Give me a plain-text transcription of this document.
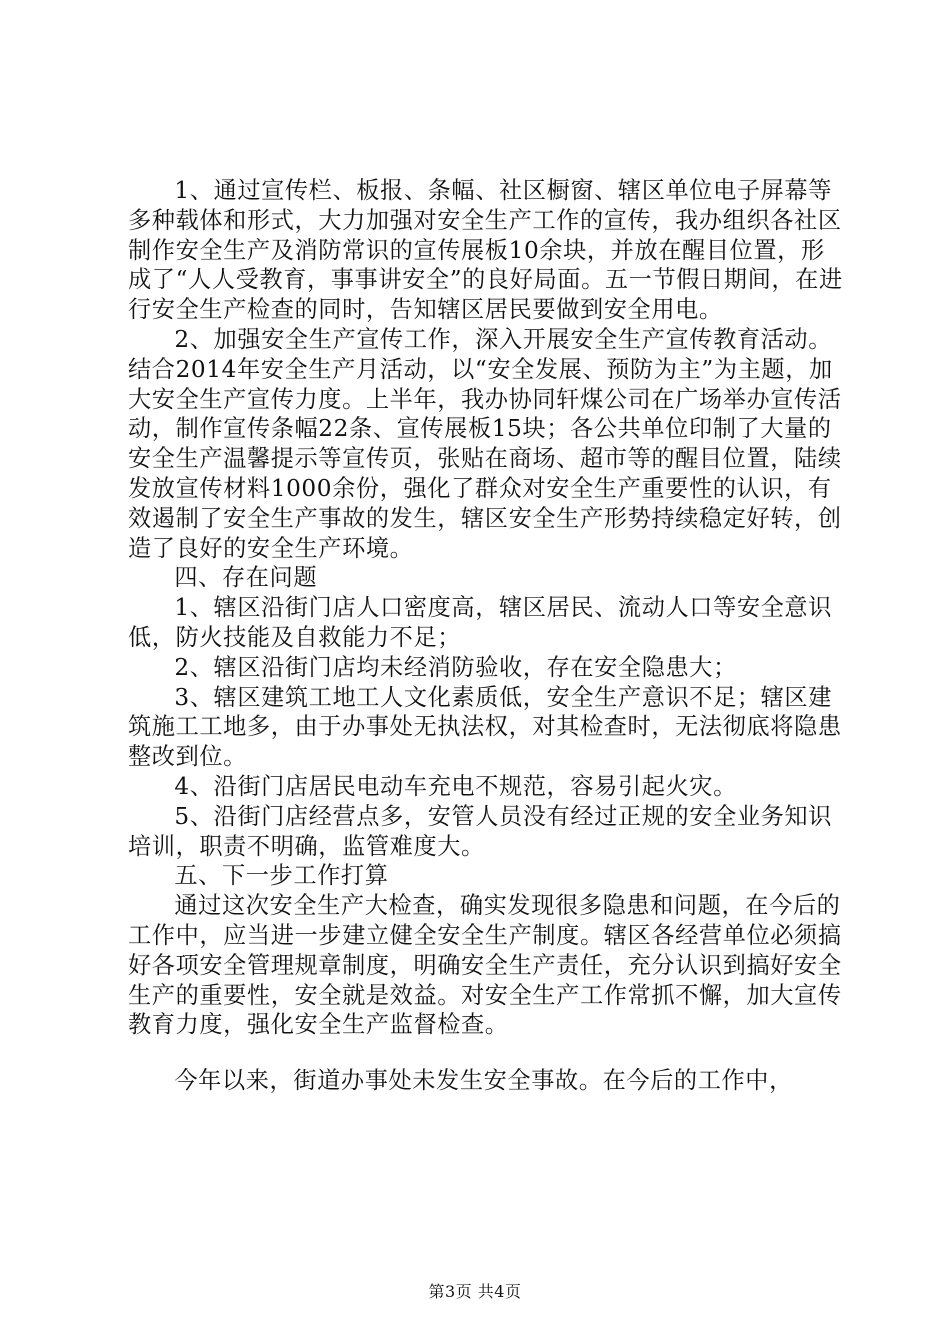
1、通过宣传栏、板报、条幅、社区橱窗、辖区单位电子屏幕等多种载体和形式，大力加强对安全生产工作的宣传，我办组织各社区制作安全生产及消防常识的宣传展板10余块，并放在醒目位置，形成了“人人受教育，事事讲安全”的良好局面。五一节假日期间，在进行安全生产检查的同时，告知辖区居民要做到安全用电。

2、加强安全生产宣传工作，深入开展安全生产宣传教育活动。结合2014年安全生产月活动，以“安全发展、预防为主”为主题，加大安全生产宣传力度。上半年，我办协同轩煤公司在广场举办宣传活动，制作宣传条幅22条、宣传展板15块；各公共单位印制了大量的安全生产温馨提示等宣传页，张贴在商场、超市等的醒目位置，陆续发放宣传材料1000余份，强化了群众对安全生产重要性的认识，有效遏制了安全生产事故的发生，辖区安全生产形势持续稳定好转，创造了良好的安全生产环境。

四、存在问题

1、辖区沿街门店人口密度高，辖区居民、流动人口等安全意识低，防火技能及自救能力不足；

2、辖区沿街门店均未经消防验收，存在安全隐患大；

3、辖区建筑工地工人文化素质低，安全生产意识不足；辖区建筑施工工地多，由于办事处无执法权，对其检查时，无法彻底将隐患整改到位。

4、沿街门店居民电动车充电不规范，容易引起火灾。

5、沿街门店经营点多，安管人员没有经过正规的安全业务知识培训，职责不明确，监管难度大。

五、下一步工作打算

通过这次安全生产大检查，确实发现很多隐患和问题，在今后的工作中，应当进一步建立健全安全生产制度。辖区各经营单位必须搞好各项安全管理规章制度，明确安全生产责任，充分认识到搞好安全生产的重要性，安全就是效益。对安全生产工作常抓不懈，加大宣传教育力度，强化安全生产监督检查。

今年以来，街道办事处未发生安全事故。在今后的工作中，

第3页 共4页
